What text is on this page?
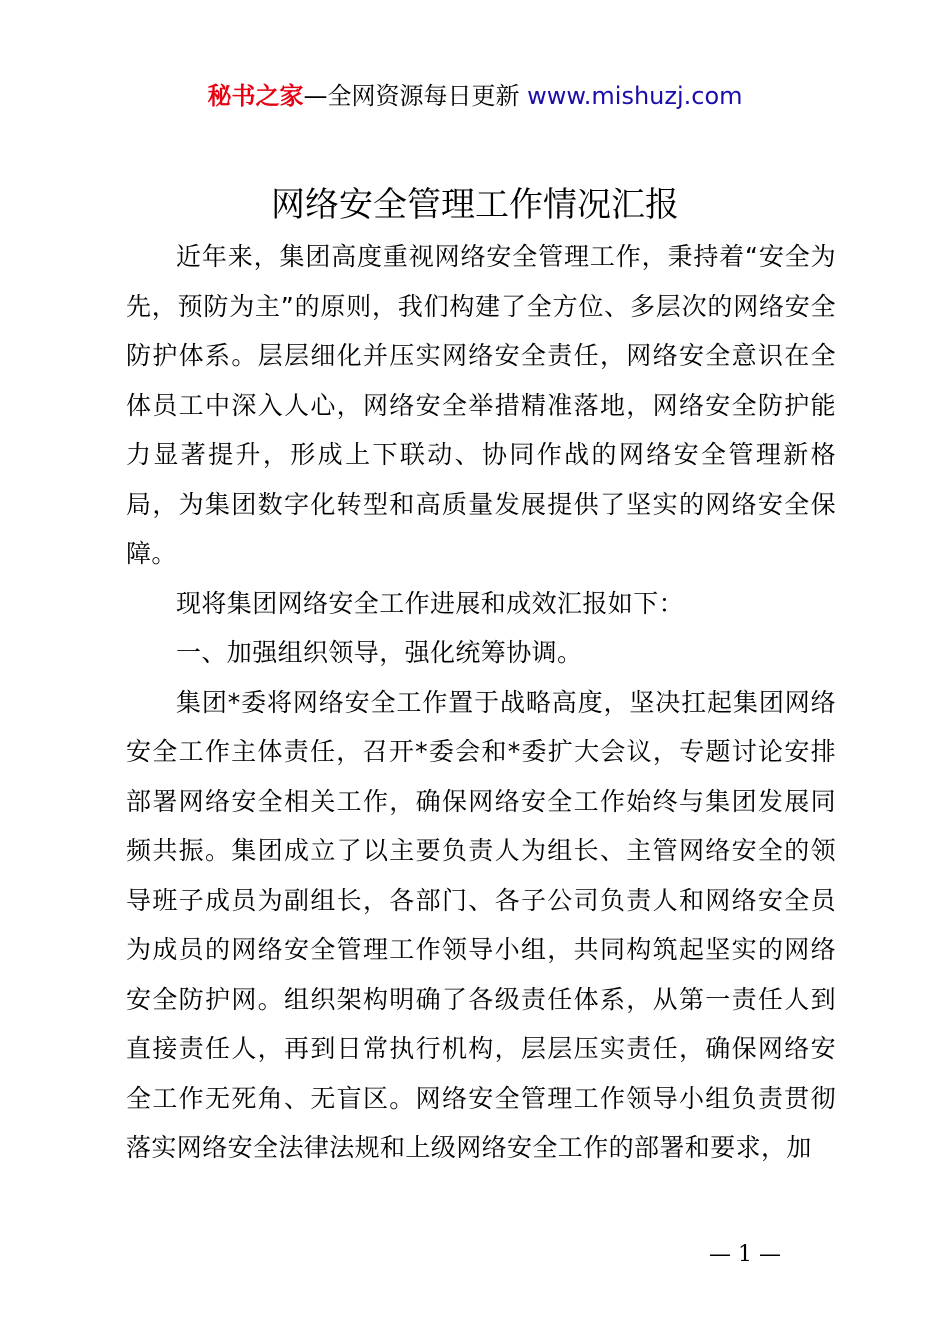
秘书之家—全网资源每日更新 www.mishuzj.com
网络安全管理工作情况汇报

近年来，集团高度重视网络安全管理工作，秉持着“安全为先，预防为主”的原则，我们构建了全方位、多层次的网络安全防护体系。层层细化并压实网络安全责任，网络安全意识在全体员工中深入人心，网络安全举措精准落地，网络安全防护能力显著提升，形成上下联动、协同作战的网络安全管理新格局，为集团数字化转型和高质量发展提供了坚实的网络安全保障。

现将集团网络安全工作进展和成效汇报如下：

一、加强组织领导，强化统筹协调。

集团*委将网络安全工作置于战略高度，坚决扛起集团网络安全工作主体责任，召开*委会和*委扩大会议，专题讨论安排部署网络安全相关工作，确保网络安全工作始终与集团发展同频共振。集团成立了以主要负责人为组长、主管网络安全的领导班子成员为副组长，各部门、各子公司负责人和网络安全员为成员的网络安全管理工作领导小组，共同构筑起坚实的网络安全防护网。组织架构明确了各级责任体系，从第一责任人到直接责任人，再到日常执行机构，层层压实责任，确保网络安全工作无死角、无盲区。网络安全管理工作领导小组负责贯彻落实网络安全法律法规和上级网络安全工作的部署和要求，加

— 1 —
